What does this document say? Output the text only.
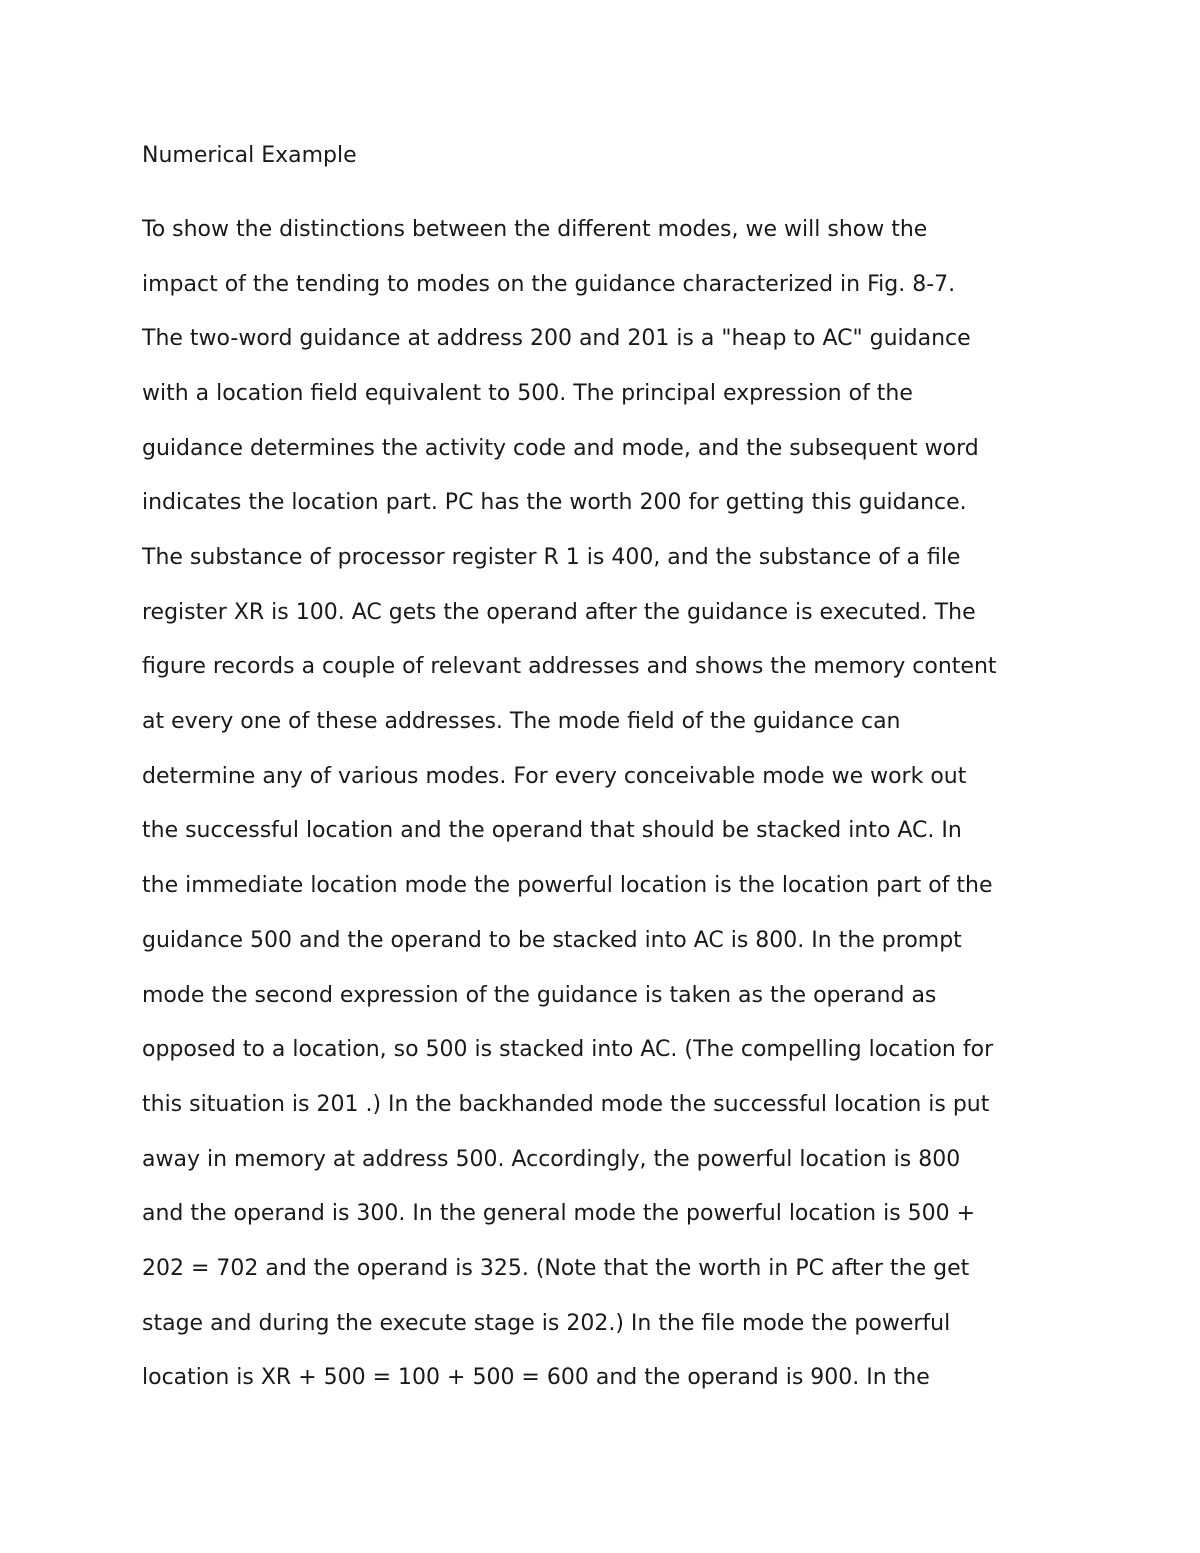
Numerical Example

To show the distinctions between the different modes, we will show the

impact of the tending to modes on the guidance characterized in Fig. 8-7.

The two-word guidance at address 200 and 201 is a "heap to AC" guidance

with a location field equivalent to 500. The principal expression of the

guidance determines the activity code and mode, and the subsequent word

indicates the location part. PC has the worth 200 for getting this guidance.

The substance of processor register R 1 is 400, and the substance of a file

register XR is 100. AC gets the operand after the guidance is executed. The

figure records a couple of relevant addresses and shows the memory content

at every one of these addresses. The mode field of the guidance can

determine any of various modes. For every conceivable mode we work out

the successful location and the operand that should be stacked into AC. In

the immediate location mode the powerful location is the location part of the

guidance 500 and the operand to be stacked into AC is 800. In the prompt

mode the second expression of the guidance is taken as the operand as

opposed to a location, so 500 is stacked into AC. (The compelling location for

this situation is 201 .) In the backhanded mode the successful location is put

away in memory at address 500. Accordingly, the powerful location is 800

and the operand is 300. In the general mode the powerful location is 500 +

202 = 702 and the operand is 325. (Note that the worth in PC after the get

stage and during the execute stage is 202.) In the file mode the powerful

location is XR + 500 = 100 + 500 = 600 and the operand is 900. In the
